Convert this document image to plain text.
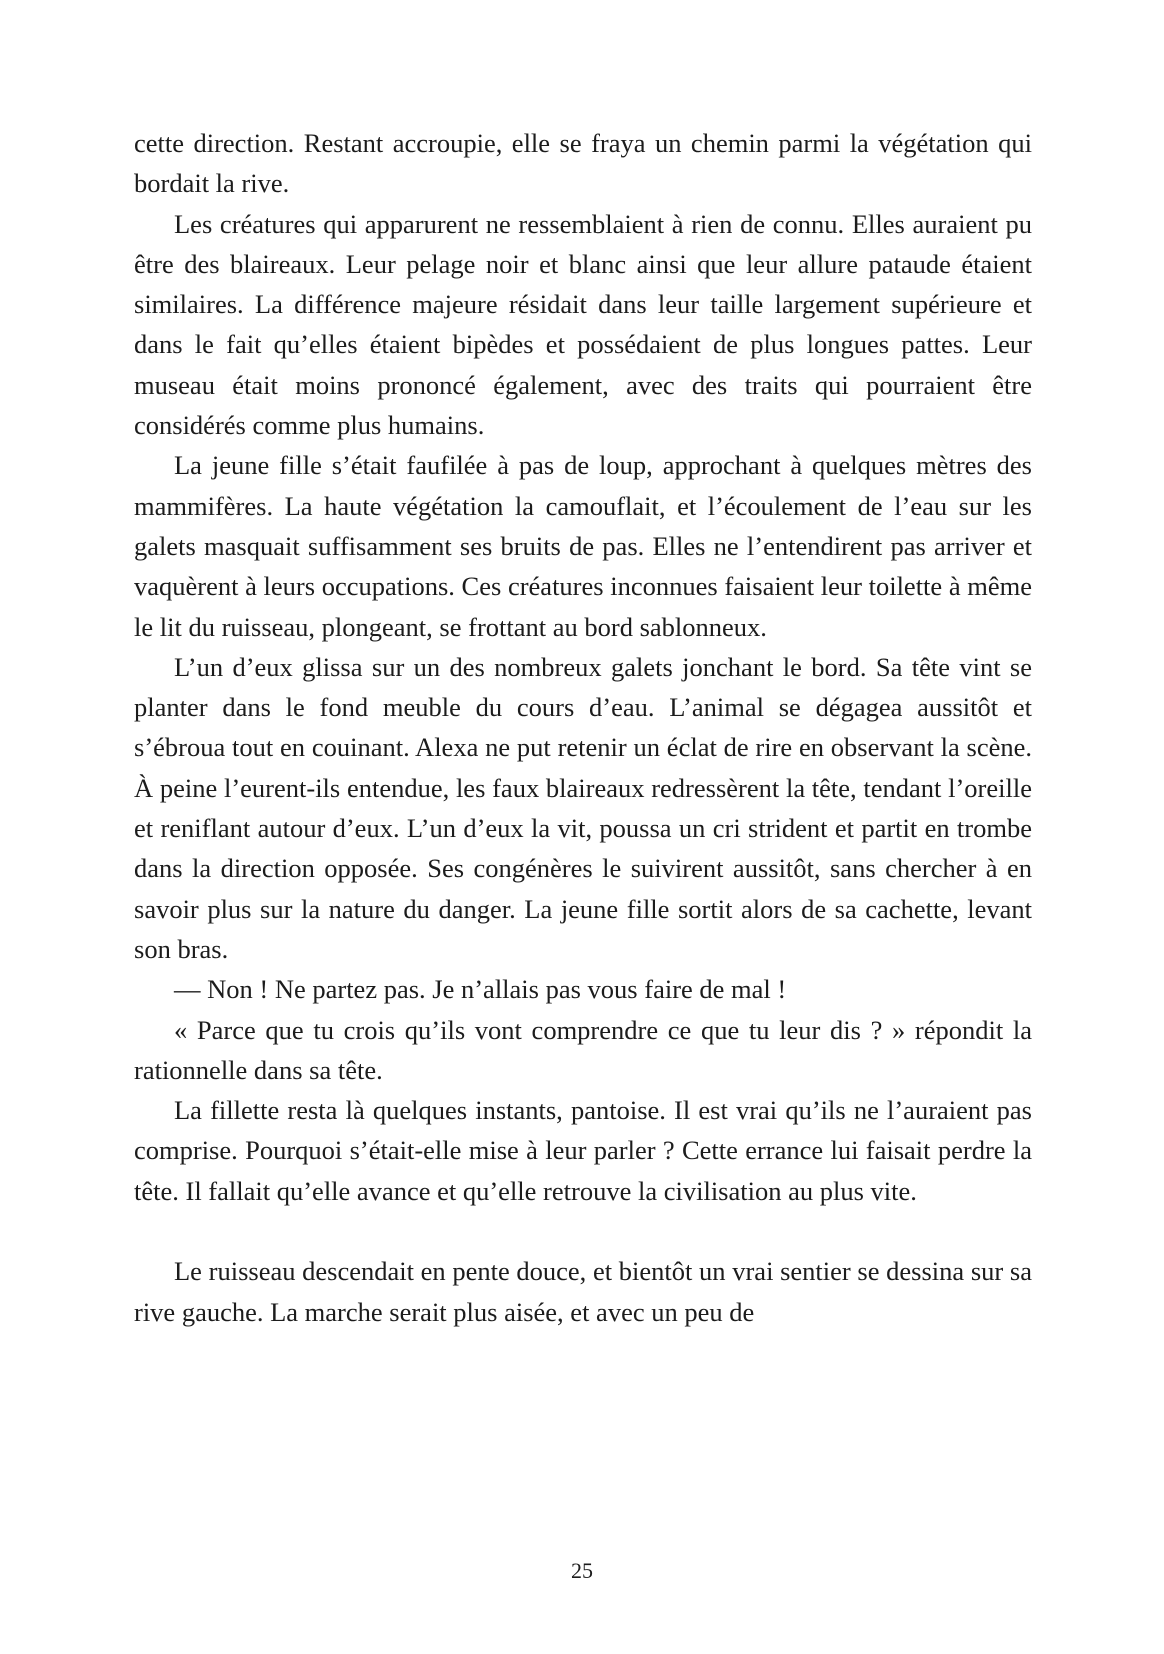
cette direction. Restant accroupie, elle se fraya un chemin parmi la végétation qui bordait la rive.

Les créatures qui apparurent ne ressemblaient à rien de connu. Elles auraient pu être des blaireaux. Leur pelage noir et blanc ainsi que leur allure pataude étaient similaires. La différence majeure résidait dans leur taille largement supérieure et dans le fait qu’elles étaient bipèdes et possédaient de plus longues pattes. Leur museau était moins prononcé également, avec des traits qui pourraient être considérés comme plus humains.

La jeune fille s’était faufilée à pas de loup, approchant à quelques mètres des mammifères. La haute végétation la camouflait, et l’écoulement de l’eau sur les galets masquait suffisamment ses bruits de pas. Elles ne l’entendirent pas arriver et vaquèrent à leurs occupations. Ces créatures inconnues faisaient leur toilette à même le lit du ruisseau, plongeant, se frottant au bord sablonneux.

L’un d’eux glissa sur un des nombreux galets jonchant le bord. Sa tête vint se planter dans le fond meuble du cours d’eau. L’animal se dégagea aussitôt et s’ébroua tout en couinant. Alexa ne put retenir un éclat de rire en observant la scène. À peine l’eurent-ils entendue, les faux blaireaux redressèrent la tête, tendant l’oreille et reniflant autour d’eux. L’un d’eux la vit, poussa un cri strident et partit en trombe dans la direction opposée. Ses congénères le suivirent aussitôt, sans chercher à en savoir plus sur la nature du danger. La jeune fille sortit alors de sa cachette, levant son bras.

— Non ! Ne partez pas. Je n’allais pas vous faire de mal !

« Parce que tu crois qu’ils vont comprendre ce que tu leur dis ? » répondit la rationnelle dans sa tête.

La fillette resta là quelques instants, pantoise. Il est vrai qu’ils ne l’auraient pas comprise. Pourquoi s’était-elle mise à leur parler ? Cette errance lui faisait perdre la tête. Il fallait qu’elle avance et qu’elle retrouve la civilisation au plus vite.

Le ruisseau descendait en pente douce, et bientôt un vrai sentier se dessina sur sa rive gauche. La marche serait plus aisée, et avec un peu de

25
